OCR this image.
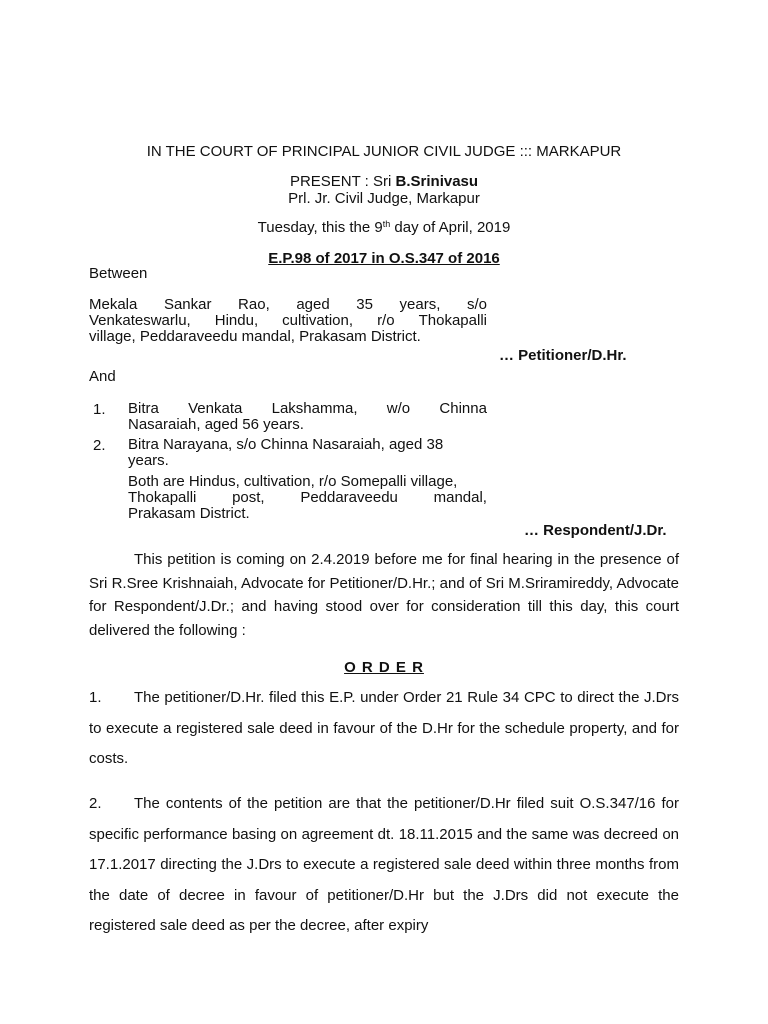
IN THE COURT OF PRINCIPAL JUNIOR CIVIL JUDGE ::: MARKAPUR
PRESENT : Sri B.Srinivasu
Prl. Jr. Civil Judge, Markapur
Tuesday, this the 9th day of April, 2019
E.P.98 of 2017 in O.S.347 of 2016
Between
Mekala Sankar Rao, aged 35 years, s/o
Venkateswarlu, Hindu, cultivation, r/o Thokapalli
village, Peddaraveedu mandal, Prakasam District.
… Petitioner/D.Hr.
And
1. Bitra Venkata Lakshamma, w/o Chinna
Nasaraiah, aged 56 years.
2. Bitra Narayana, s/o Chinna Nasaraiah, aged 38
years.
Both are Hindus, cultivation, r/o Somepalli village,
Thokapalli post, Peddaraveedu mandal,
Prakasam District.
… Respondent/J.Dr.
This petition is coming on 2.4.2019 before me for final hearing in the presence of Sri R.Sree Krishnaiah, Advocate for Petitioner/D.Hr.; and of Sri M.Sriramireddy, Advocate for Respondent/J.Dr.; and having stood over for consideration till this day, this court delivered the following :
O R D E R
1. The petitioner/D.Hr. filed this E.P. under Order 21 Rule 34 CPC to direct the J.Drs to execute a registered sale deed in favour of the D.Hr for the schedule property, and for costs.
2. The contents of the petition are that the petitioner/D.Hr filed suit O.S.347/16 for specific performance basing on agreement dt. 18.11.2015 and the same was decreed on 17.1.2017 directing the J.Drs to execute a registered sale deed within three months from the date of decree in favour of petitioner/D.Hr but the J.Drs did not execute the registered sale deed as per the decree, after expiry
